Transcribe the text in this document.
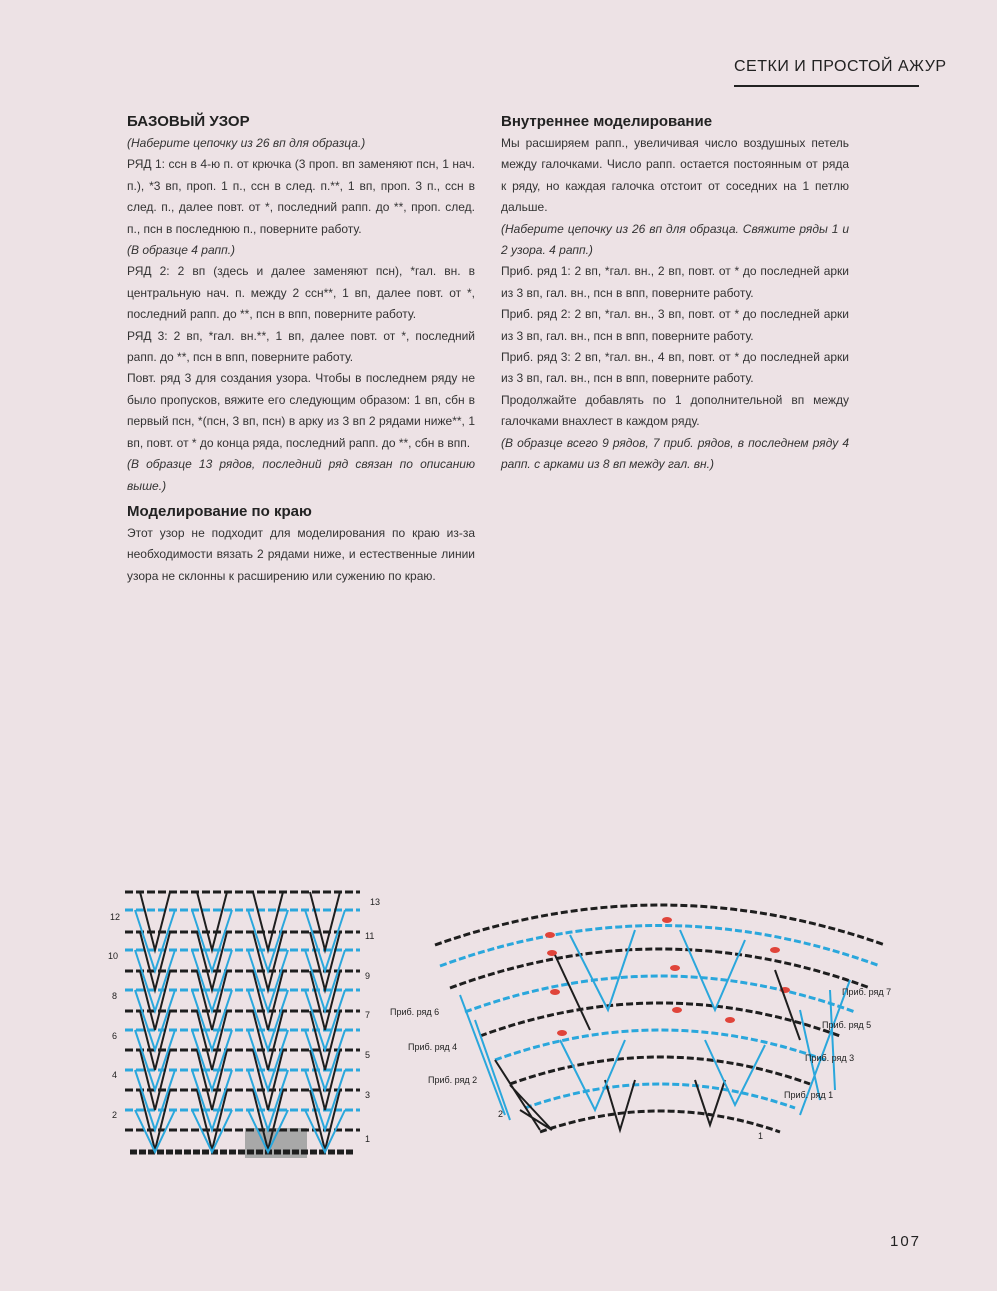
СЕТКИ И ПРОСТОЙ АЖУР
БАЗОВЫЙ УЗОР

(Наберите цепочку из 26 вп для образца.)

РЯД 1: ссн в 4-ю п. от крючка (3 проп. вп заменяют псн, 1 нач. п.), *3 вп, проп. 1 п., ссн в след. п.**, 1 вп, проп. 3 п., ссн в след. п., далее повт. от *, последний рапп. до **, проп. след. п., псн в последнюю п., поверните работу.

(В образце 4 рапп.)

РЯД 2: 2 вп (здесь и далее заменяют псн), *гал. вн. в центральную нач. п. между 2 ссн**, 1 вп, далее повт. от *, последний рапп. до **, псн в впп, поверните работу.

РЯД 3: 2 вп, *гал. вн.**, 1 вп, далее повт. от *, последний рапп. до **, псн в впп, поверните работу.

Повт. ряд 3 для создания узора. Чтобы в последнем ряду не было пропусков, вяжите его следующим образом: 1 вп, сбн в первый псн, *(псн, 3 вп, псн) в арку из 3 вп 2 рядами ниже**, 1 вп, повт. от * до конца ряда, последний рапп. до **, сбн в впп.

(В образце 13 рядов, последний ряд связан по описанию выше.)

Моделирование по краю

Этот узор не подходит для моделирования по краю из-за необходимости вязать 2 рядами ниже, и естественные линии узора не склонны к расширению или сужению по краю.

Внутреннее моделирование

Мы расширяем рапп., увеличивая число воздушных петель между галочками. Число рапп. остается постоянным от ряда к ряду, но каждая галочка отстоит от соседних на 1 петлю дальше.

(Наберите цепочку из 26 вп для образца. Свяжите ряды 1 и 2 узора. 4 рапп.)

Приб. ряд 1: 2 вп, *гал. вн., 2 вп, повт. от * до последней арки из 3 вп, гал. вн., псн в впп, поверните работу.

Приб. ряд 2: 2 вп, *гал. вн., 3 вп, повт. от * до последней арки из 3 вп, гал. вн., псн в впп, поверните работу.

Приб. ряд 3: 2 вп, *гал. вн., 4 вп, повт. от * до последней арки из 3 вп, гал. вн., псн в впп, поверните работу.

Продолжайте добавлять по 1 дополнительной вп между галочками внахлест в каждом ряду.

(В образце всего 9 рядов, 7 приб. рядов, в последнем ряду 4 рапп. с арками из 8 вп между гал. вн.)

12
10
8
6
4
2
13
11
9
7
5
3
1
Приб. ряд 6
Приб. ряд 4
Приб. ряд 2
2
Приб. ряд 7
Приб. ряд 5
Приб. ряд 3
Приб. ряд 1
1
107
